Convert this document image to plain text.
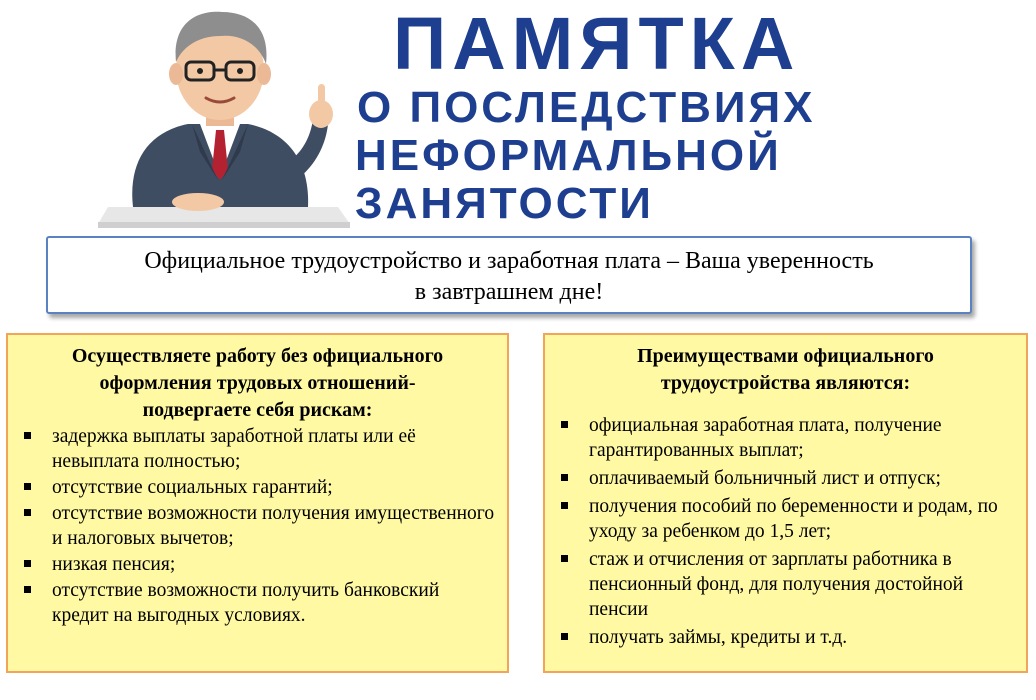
ПАМЯТКА
О ПОСЛЕДСТВИЯХ
НЕФОРМАЛЬНОЙ
ЗАНЯТОСТИ
Официальное трудоустройство и заработная плата – Ваша уверенность
в завтрашнем дне!
Осуществляете работу без официального
оформления трудовых отношений-
подвергаете себя рискам:
задержка выплаты заработной платы или её невыплата полностью;
отсутствие социальных гарантий;
отсутствие возможности получения имущественного и налоговых вычетов;
низкая пенсия;
отсутствие возможности получить банковский кредит на выгодных условиях.
Преимуществами официального
трудоустройства являются:
официальная заработная плата, получение гарантированных выплат;
оплачиваемый больничный лист и отпуск;
получения пособий по беременности и родам, по уходу за ребенком до 1,5 лет;
стаж и отчисления от зарплаты работника в пенсионный фонд, для получения достойной пенсии
получать займы, кредиты и т.д.
